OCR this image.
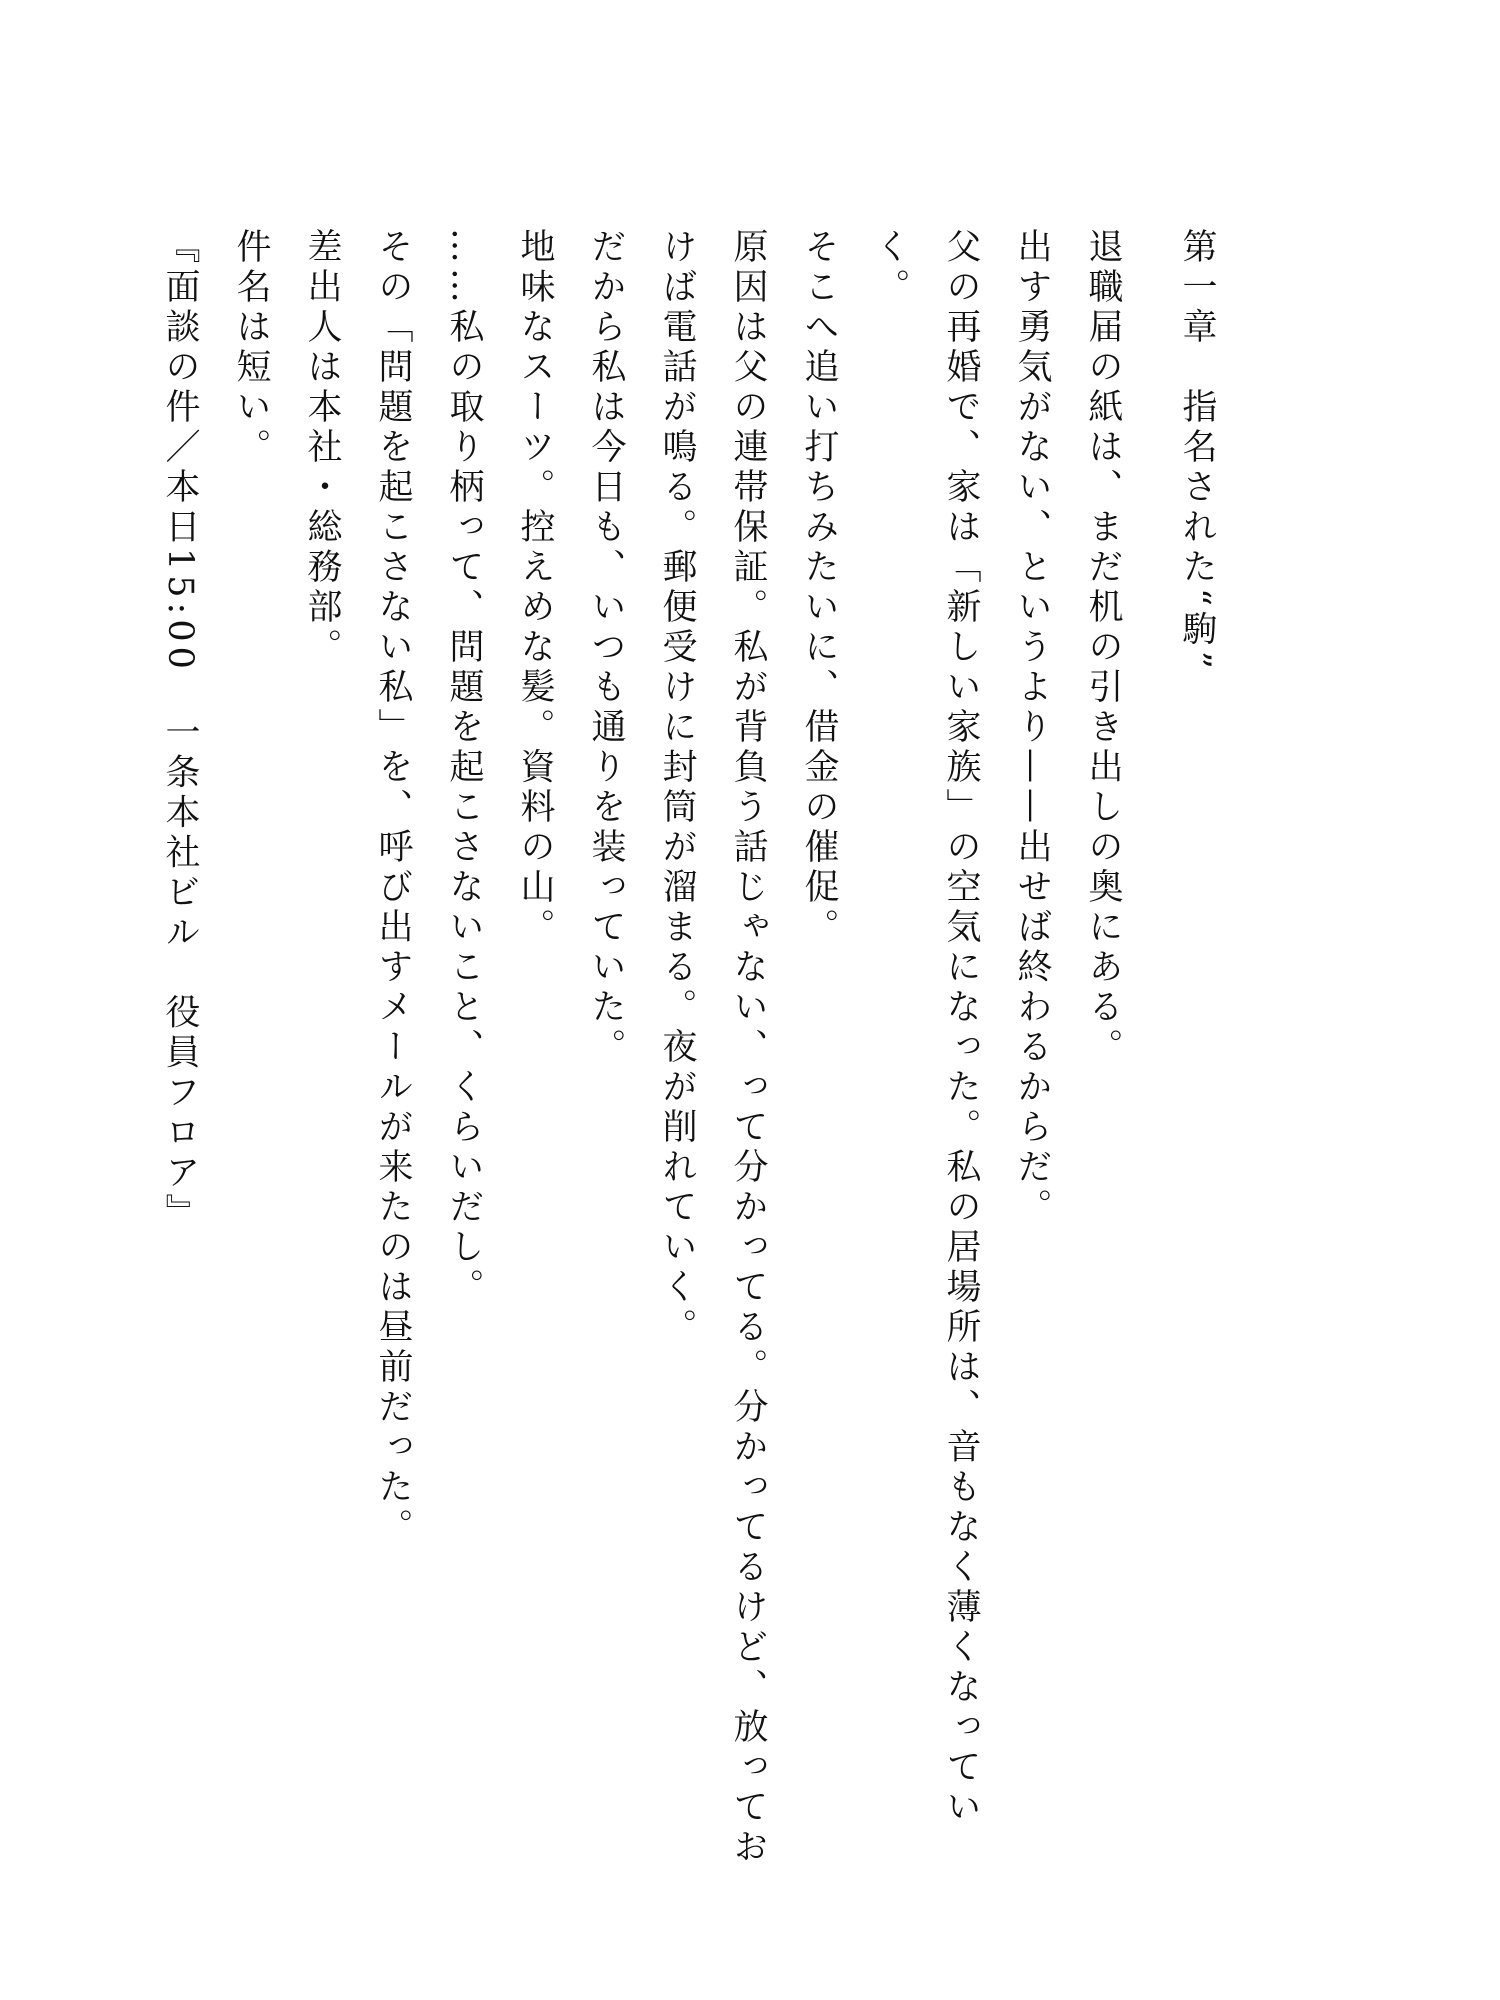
第一章　指名された“駒”
退職届の紙は、まだ机の引き出しの奥にある。
出す勇気がない、というより——出せば終わるからだ。
父の再婚で、家は「新しい家族」の空気になった。私の居場所は、音もなく薄くなっていく。
そこへ追い打ちみたいに、借金の催促。
原因は父の連帯保証。私が背負う話じゃない、って分かってる。分かってるけど、放っておけば電話が鳴る。郵便受けに封筒が溜まる。夜が削れていく。
だから私は今日も、いつも通りを装っていた。
地味なスーツ。控えめな髪。資料の山。
……私の取り柄って、問題を起こさないこと、くらいだし。
その「問題を起こさない私」を、呼び出すメールが来たのは昼前だった。
差出人は本社・総務部。
件名は短い。
『面談の件／本日15:00　一条本社ビル　役員フロア』
